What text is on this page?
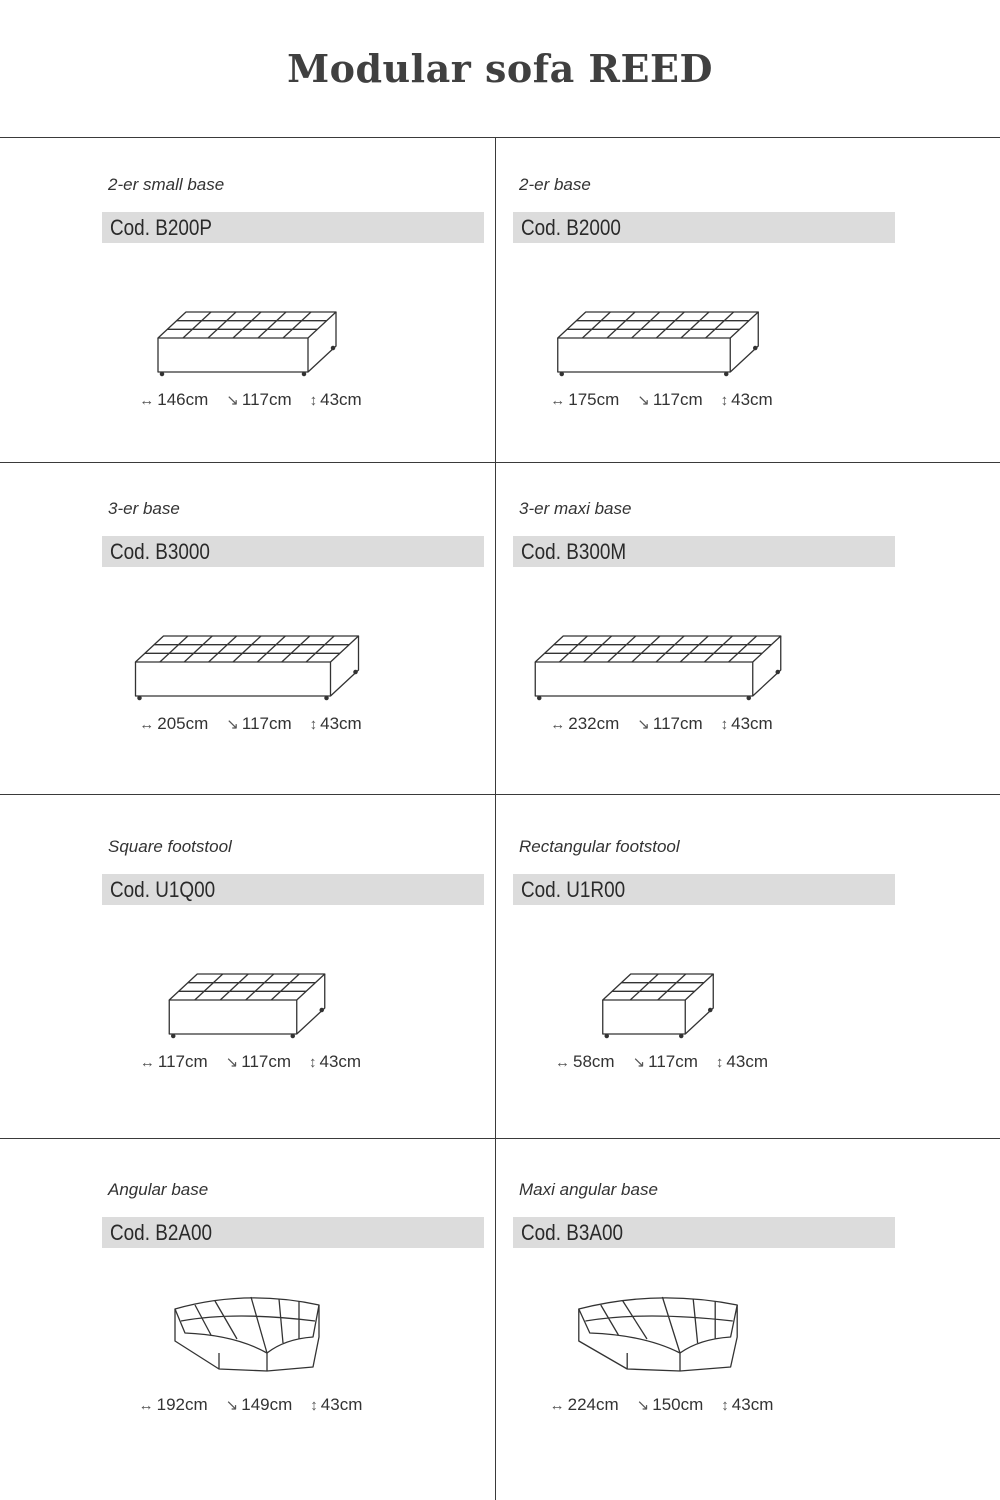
Modular sofa REED
2-er small base
Cod. B200P
↔ 146cm ↘ 117cm ↕ 43cm
2-er base
Cod. B2000
↔ 175cm ↘ 117cm ↕ 43cm
3-er base
Cod. B3000
↔ 205cm ↘ 117cm ↕ 43cm
3-er maxi base
Cod. B300M
↔ 232cm ↘ 117cm ↕ 43cm
Square footstool
Cod. U1Q00
↔ 117cm ↘ 117cm ↕ 43cm
Rectangular footstool
Cod. U1R00
↔ 58cm ↘ 117cm ↕ 43cm
Angular base
Cod. B2A00
↔ 192cm ↘ 149cm ↕ 43cm
Maxi angular base
Cod. B3A00
↔ 224cm ↘ 150cm ↕ 43cm
